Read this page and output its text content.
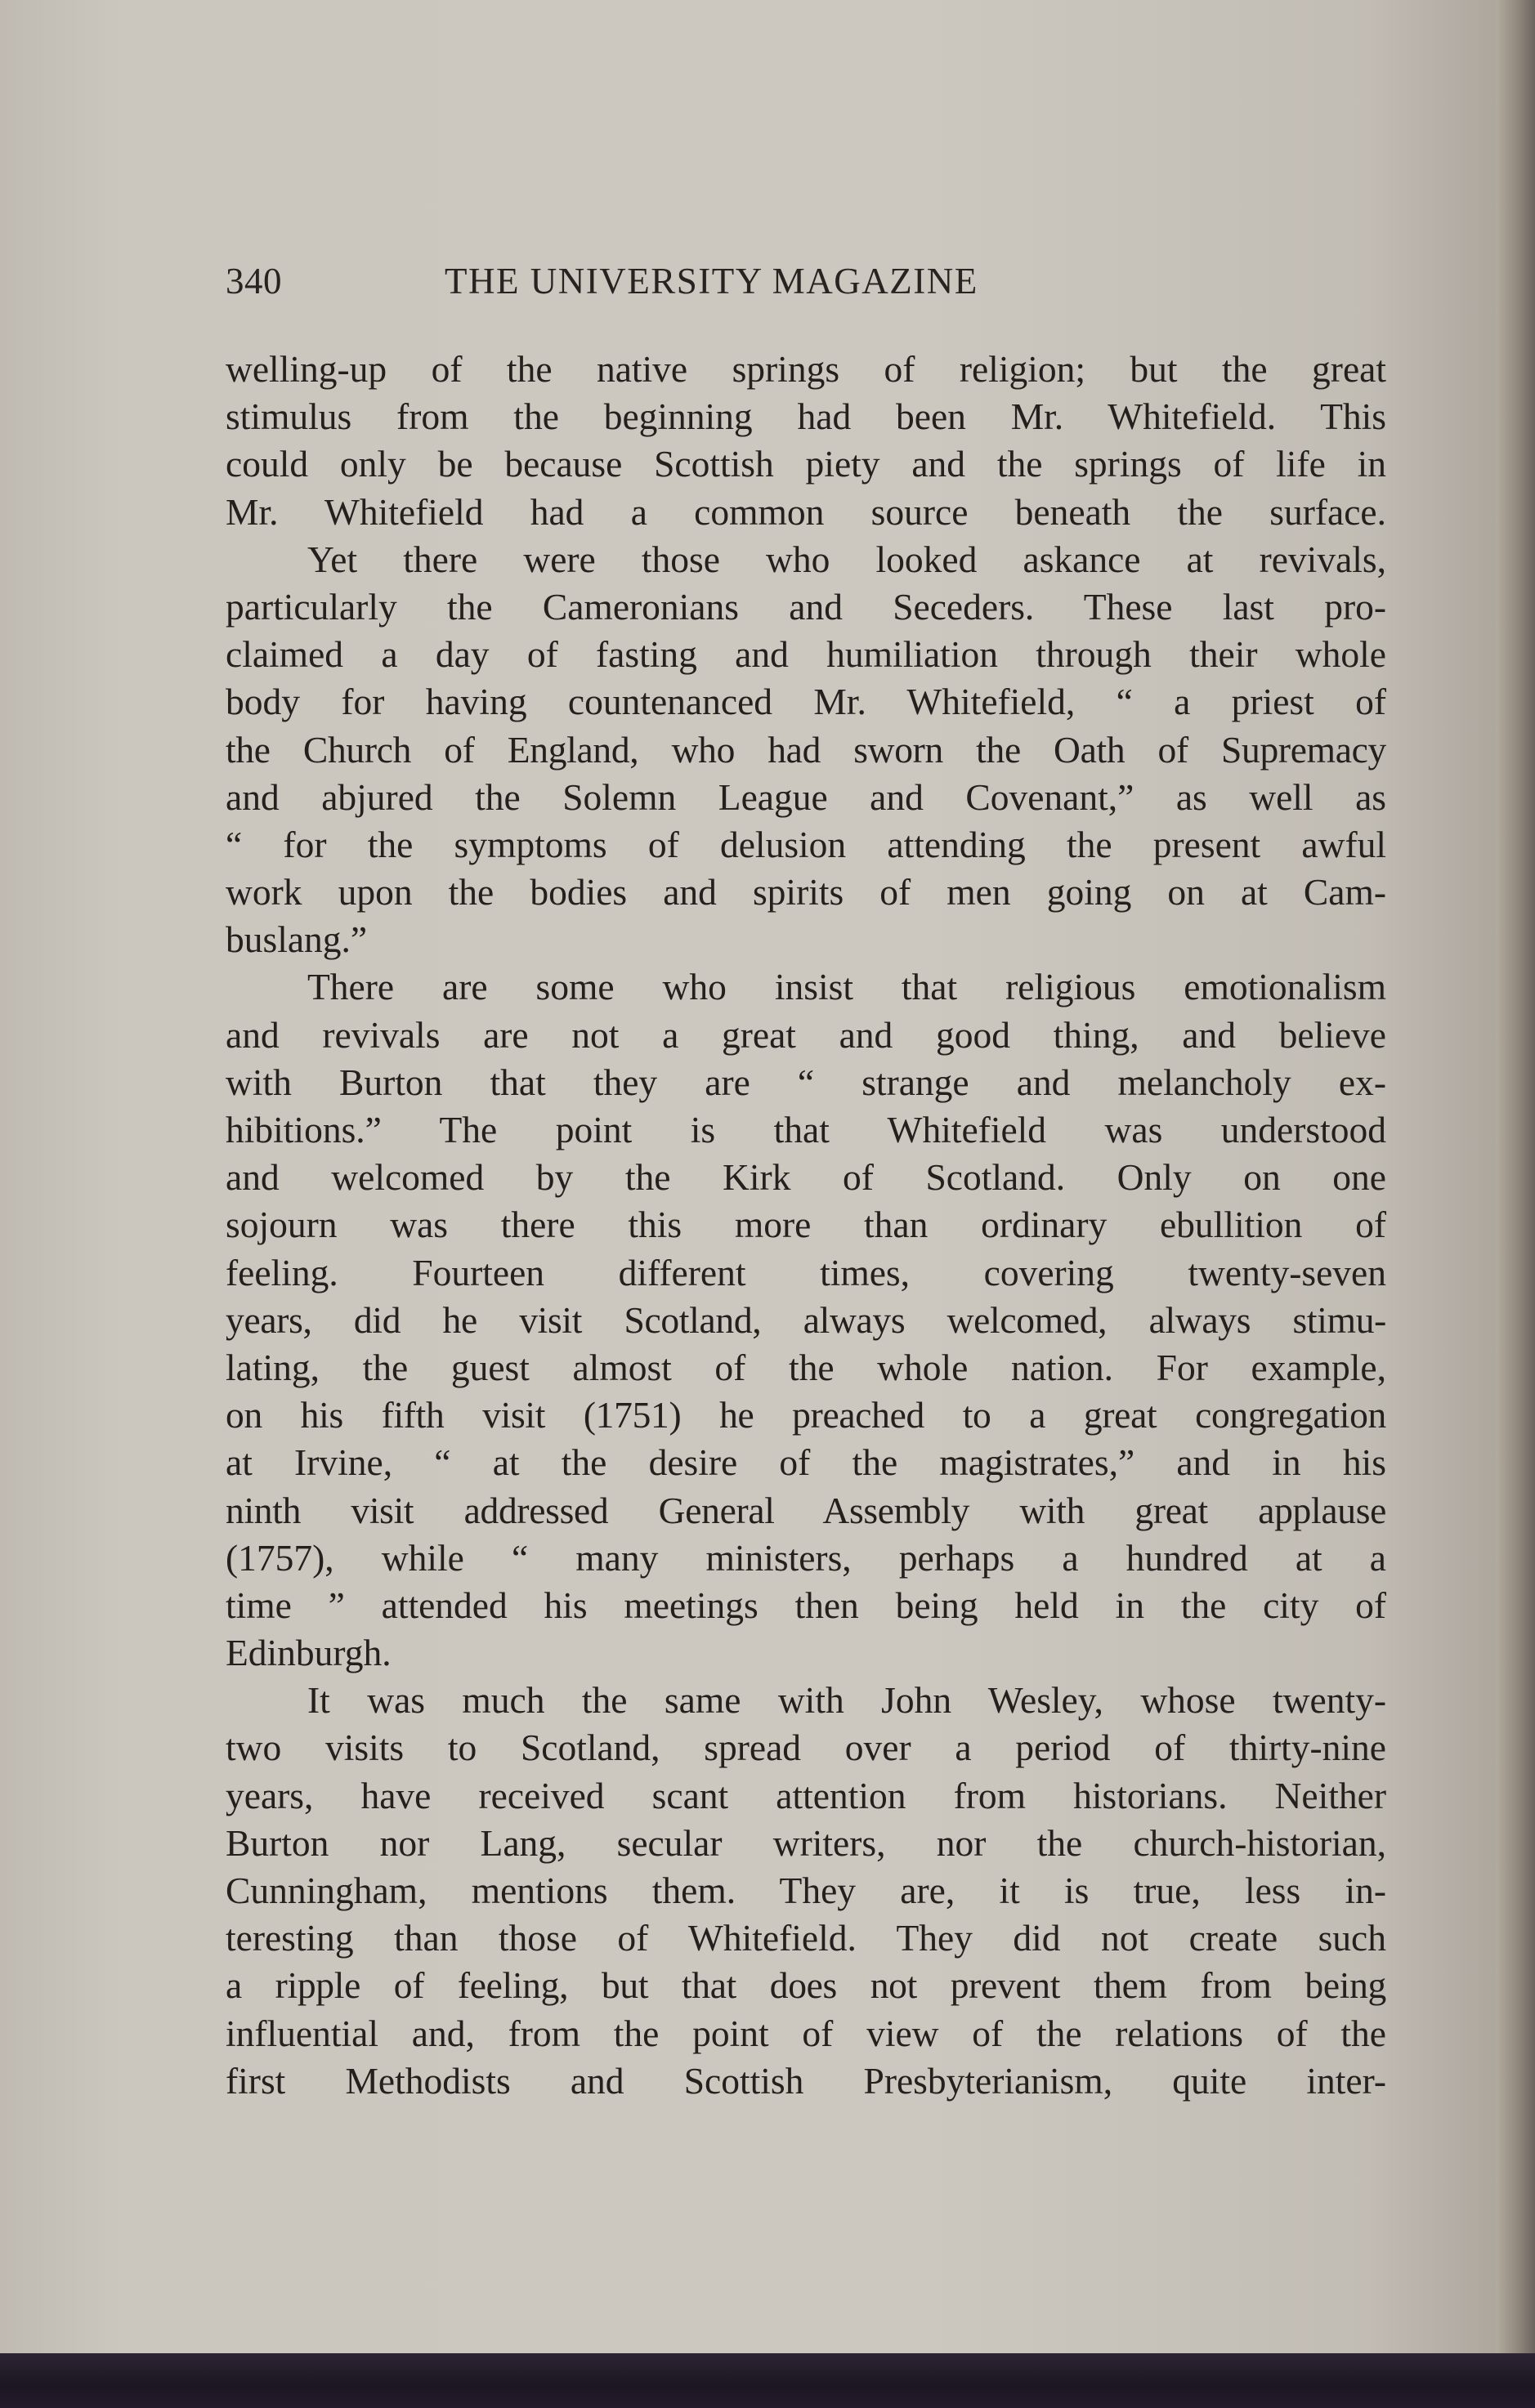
340	THE UNIVERSITY MAGAZINE
welling-up of the native springs of religion; but the great
stimulus from the beginning had been Mr. Whitefield. This
could only be because Scottish piety and the springs of life in
Mr. Whitefield had a common source beneath the surface.
Yet there were those who looked askance at revivals,
particularly the Cameronians and Seceders. These last pro-
claimed a day of fasting and humiliation through their whole
body for having countenanced Mr. Whitefield, “ a priest of
the Church of England, who had sworn the Oath of Supremacy
and abjured the Solemn League and Covenant,” as well as
“ for the symptoms of delusion attending the present awful
work upon the bodies and spirits of men going on at Cam-
buslang.”
There are some who insist that religious emotionalism
and revivals are not a great and good thing, and believe
with Burton that they are “ strange and melancholy ex-
hibitions.” The point is that Whitefield was understood
and welcomed by the Kirk of Scotland. Only on one
sojourn was there this more than ordinary ebullition of
feeling. Fourteen different times, covering twenty-seven
years, did he visit Scotland, always welcomed, always stimu-
lating, the guest almost of the whole nation. For example,
on his fifth visit (1751) he preached to a great congregation
at Irvine, “ at the desire of the magistrates,” and in his
ninth visit addressed General Assembly with great applause
(1757), while “ many ministers, perhaps a hundred at a
time ” attended his meetings then being held in the city of
Edinburgh.
It was much the same with John Wesley, whose twenty-
two visits to Scotland, spread over a period of thirty-nine
years, have received scant attention from historians. Neither
Burton nor Lang, secular writers, nor the church-historian,
Cunningham, mentions them. They are, it is true, less in-
teresting than those of Whitefield. They did not create such
a ripple of feeling, but that does not prevent them from being
influential and, from the point of view of the relations of the
first Methodists and Scottish Presbyterianism, quite inter-
